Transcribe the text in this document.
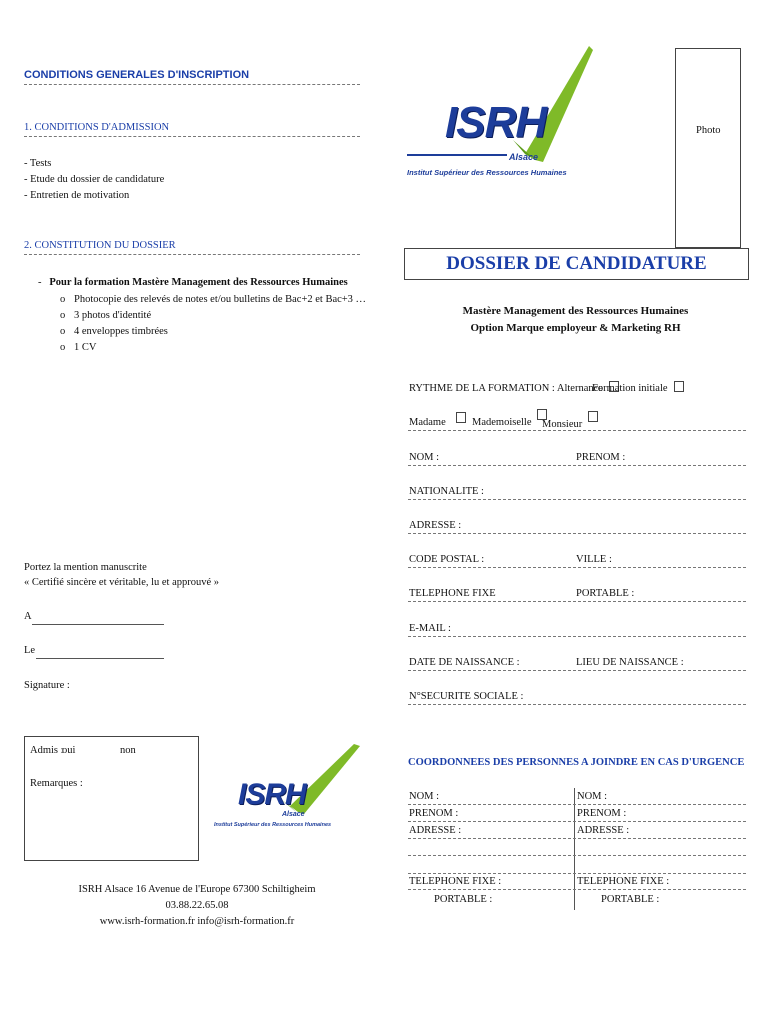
CONDITIONS GENERALES D'INSCRIPTION
1. CONDITIONS D'ADMISSION
- Tests
- Etude du dossier de candidature
- Entretien de motivation
2. CONSTITUTION DU DOSSIER
-   Pour la formation Mastère Management des Ressources Humaines
o Photocopie des relevés de notes et/ou bulletins de Bac+2 et Bac+3 …
o 3 photos d'identité
o 4 enveloppes timbrées
o 1 CV
Portez la mention manuscrite
« Certifié sincère et véritable, lu et approuvé »
A
Le
Signature :
Admis :
oui	non
Remarques :	ISRH
Alsace
Institut Supérieur des Ressources Humaines
ISRH Alsace 16 Avenue de l'Europe 67300 Schiltigheim
03.88.22.65.08
www.isrh-formation.fr info@isrh-formation.fr
ISRH
Alsace
Institut Supérieur des Ressources Humaines
Photo
DOSSIER DE CANDIDATURE
Mastère Management des Ressources Humaines
Option Marque employeur & Marketing RH
RYTHME DE LA FORMATION : Alternance
Formation initiale
Madame	Mademoiselle	Monsieur
NOM :	PRENOM :
NATIONALITE :
ADRESSE :
CODE POSTAL :	VILLE :
TELEPHONE FIXE	PORTABLE :
E-MAIL :
DATE DE NAISSANCE :	LIEU DE NAISSANCE :
N°SECURITE SOCIALE :
COORDONNEES DES PERSONNES A JOINDRE EN CAS D'URGENCE
NOM :	NOM :
PRENOM :	PRENOM :
ADRESSE :	ADRESSE :
TELEPHONE FIXE :	TELEPHONE FIXE :
PORTABLE :	PORTABLE :
